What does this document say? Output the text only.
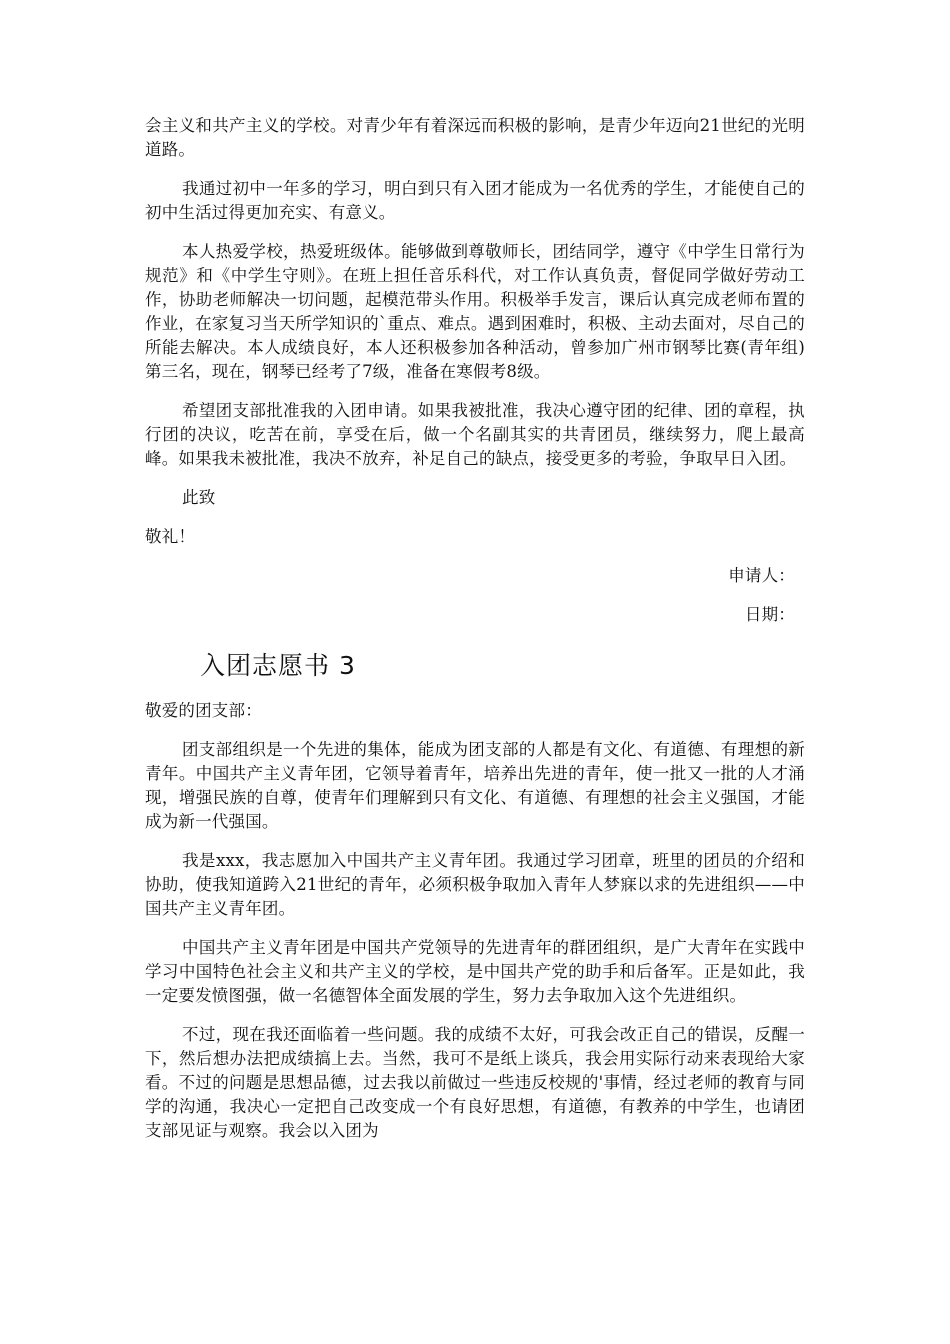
会主义和共产主义的学校。对青少年有着深远而积极的影响，是青少年迈向21世纪的光明道路。

我通过初中一年多的学习，明白到只有入团才能成为一名优秀的学生，才能使自己的初中生活过得更加充实、有意义。

本人热爱学校，热爱班级体。能够做到尊敬师长，团结同学，遵守《中学生日常行为规范》和《中学生守则》。在班上担任音乐科代，对工作认真负责，督促同学做好劳动工作，协助老师解决一切问题，起模范带头作用。积极举手发言，课后认真完成老师布置的作业，在家复习当天所学知识的`重点、难点。遇到困难时，积极、主动去面对，尽自己的所能去解决。本人成绩良好，本人还积极参加各种活动，曾参加广州市钢琴比赛(青年组)第三名，现在，钢琴已经考了7级，准备在寒假考8级。

希望团支部批准我的入团申请。如果我被批准，我决心遵守团的纪律、团的章程，执行团的决议，吃苦在前，享受在后，做一个名副其实的共青团员，继续努力，爬上最高峰。如果我未被批准，我决不放弃，补足自己的缺点，接受更多的考验，争取早日入团。

此致

敬礼！

申请人：

日期：

入团志愿书 3

敬爱的团支部：

团支部组织是一个先进的集体，能成为团支部的人都是有文化、有道德、有理想的新青年。中国共产主义青年团，它领导着青年，培养出先进的青年，使一批又一批的人才涌现，增强民族的自尊，使青年们理解到只有文化、有道德、有理想的社会主义强国，才能成为新一代强国。

我是xxx，我志愿加入中国共产主义青年团。我通过学习团章，班里的团员的介绍和协助，使我知道跨入21世纪的青年，必须积极争取加入青年人梦寐以求的先进组织——中国共产主义青年团。

中国共产主义青年团是中国共产党领导的先进青年的群团组织，是广大青年在实践中学习中国特色社会主义和共产主义的学校，是中国共产党的助手和后备军。正是如此，我一定要发愤图强，做一名德智体全面发展的学生，努力去争取加入这个先进组织。

不过，现在我还面临着一些问题。我的成绩不太好，可我会改正自己的错误，反醒一下，然后想办法把成绩搞上去。当然，我可不是纸上谈兵，我会用实际行动来表现给大家看。不过的问题是思想品德，过去我以前做过一些违反校规的'事情，经过老师的教育与同学的沟通，我决心一定把自己改变成一个有良好思想，有道德，有教养的中学生，也请团支部见证与观察。我会以入团为
